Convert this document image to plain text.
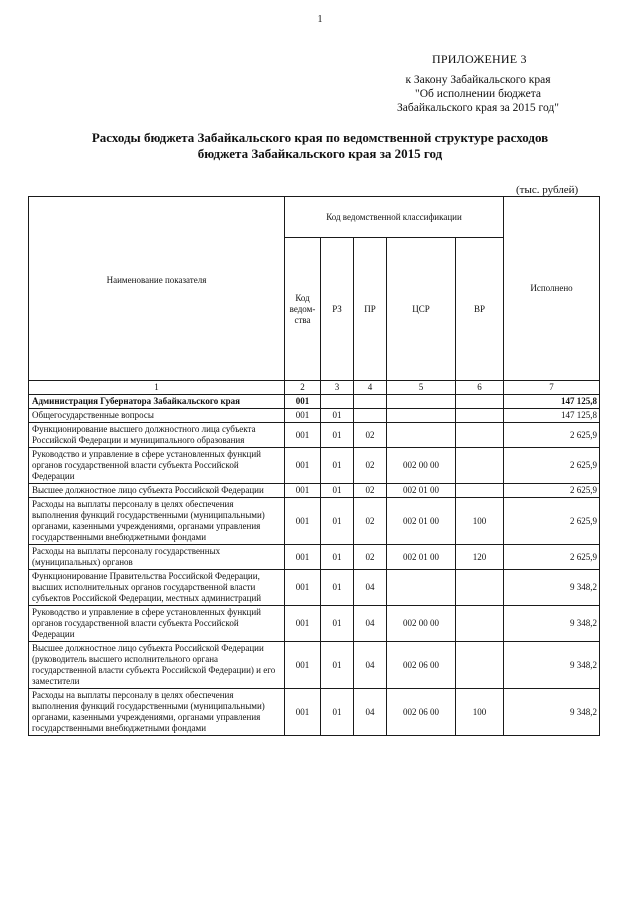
1
ПРИЛОЖЕНИЕ 3
к Закону Забайкальского края
"Об исполнении бюджета
Забайкальского края за 2015 год"
Расходы бюджета Забайкальского края по ведомственной структуре расходов
бюджета Забайкальского края за 2015 год
(тыс. рублей)
Наименование показателя	Код ведомственной классификации					Исполнено
	Код ведом-ства	РЗ	ПР	ЦСР	ВР	
1	2	3	4	5	6	7
Администрация Губернатора Забайкальского края	001					147 125,8
Общегосударственные вопросы	001	01				147 125,8
Функционирование высшего должностного лица субъекта Российской Федерации и муниципального образования	001	01	02			2 625,9
Руководство и управление в сфере установленных функций органов государственной власти субъекта Российской Федерации	001	01	02	002 00 00		2 625,9
Высшее должностное лицо субъекта Российской Федерации	001	01	02	002 01 00		2 625,9
Расходы на выплаты персоналу в целях обеспечения выполнения функций государственными (муниципальными) органами, казенными учреждениями, органами управления государственными внебюджетными фондами	001	01	02	002 01 00	100	2 625,9
Расходы на выплаты персоналу государственных (муниципальных) органов	001	01	02	002 01 00	120	2 625,9
Функционирование Правительства Российской Федерации, высших исполнительных органов государственной власти субъектов Российской Федерации, местных администраций	001	01	04			9 348,2
Руководство и управление в сфере установленных функций органов государственной власти субъекта Российской Федерации	001	01	04	002 00 00		9 348,2
Высшее должностное лицо субъекта Российской Федерации (руководитель высшего исполнительного органа государственной власти субъекта Российской Федерации) и его заместители	001	01	04	002 06 00		9 348,2
Расходы на выплаты персоналу в целях обеспечения выполнения функций государственными (муниципальными) органами, казенными учреждениями, органами управления государственными внебюджетными фондами	001	01	04	002 06 00	100	9 348,2
